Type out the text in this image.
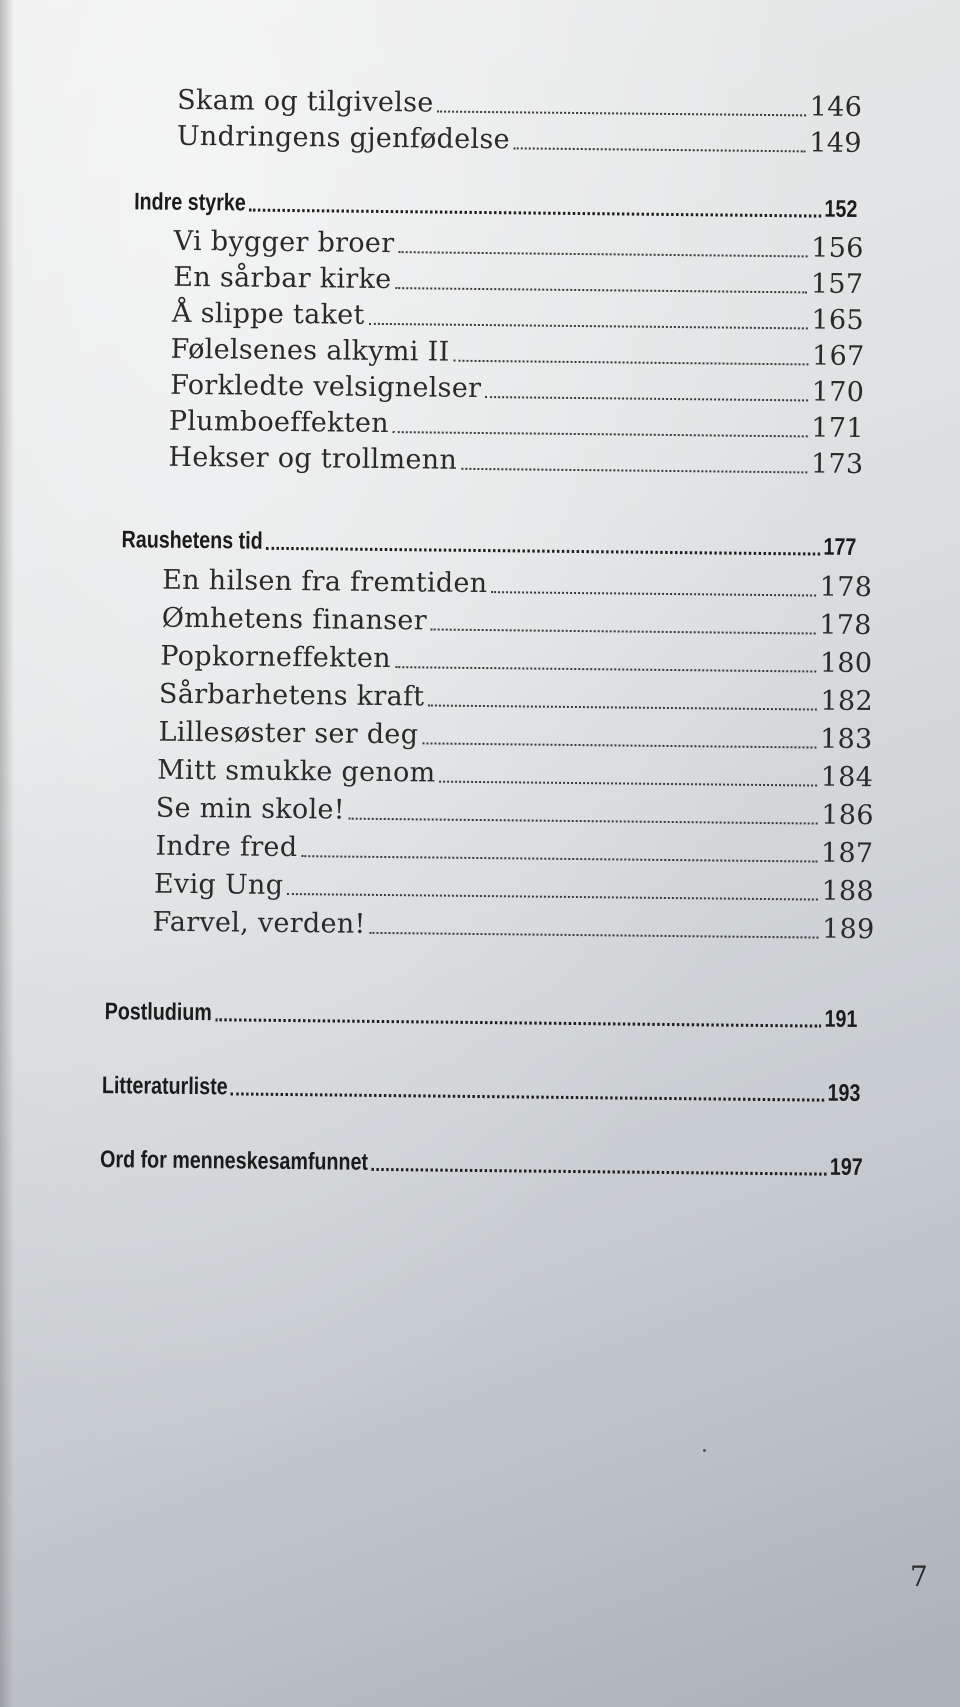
Skam og tilgivelse	146
Undringens gjenfødelse	149
Indre styrke	152
Vi bygger broer	156
En sårbar kirke	157
Å slippe taket	165
Følelsenes alkymi II	167
Forkledte velsignelser	170
Plumboeffekten	171
Hekser og trollmenn	173
Raushetens tid	177
En hilsen fra fremtiden	178
Ømhetens finanser	178
Popkorneffekten	180
Sårbarhetens kraft	182
Lillesøster ser deg	183
Mitt smukke genom	184
Se min skole!	186
Indre fred	187
Evig Ung	188
Farvel, verden!	189
Postludium	191
Litteraturliste	193
Ord for menneskesamfunnet	197
7
